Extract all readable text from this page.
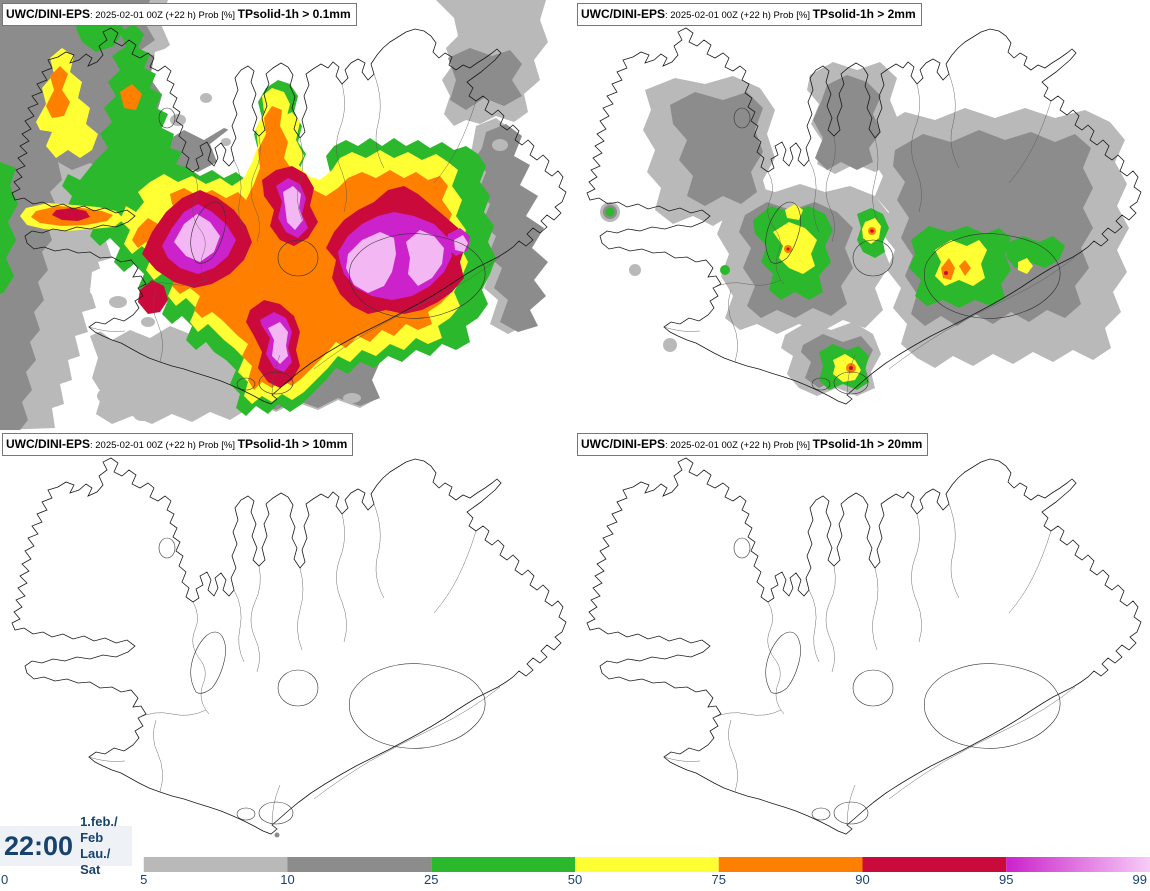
UWC/DINI-EPS: 2025-02-01 00Z (+22 h) Prob [%] TPsolid-1h > 0.1mm	UWC/DINI-EPS: 2025-02-01 00Z (+22 h) Prob [%] TPsolid-1h > 2mm
UWC/DINI-EPS: 2025-02-01 00Z (+22 h) Prob [%] TPsolid-1h > 10mm	UWC/DINI-EPS: 2025-02-01 00Z (+22 h) Prob [%] TPsolid-1h > 20mm
22:00
1.feb./ Feb
Lau./ Sat
0	5	10	25	50	75	90	95	99
